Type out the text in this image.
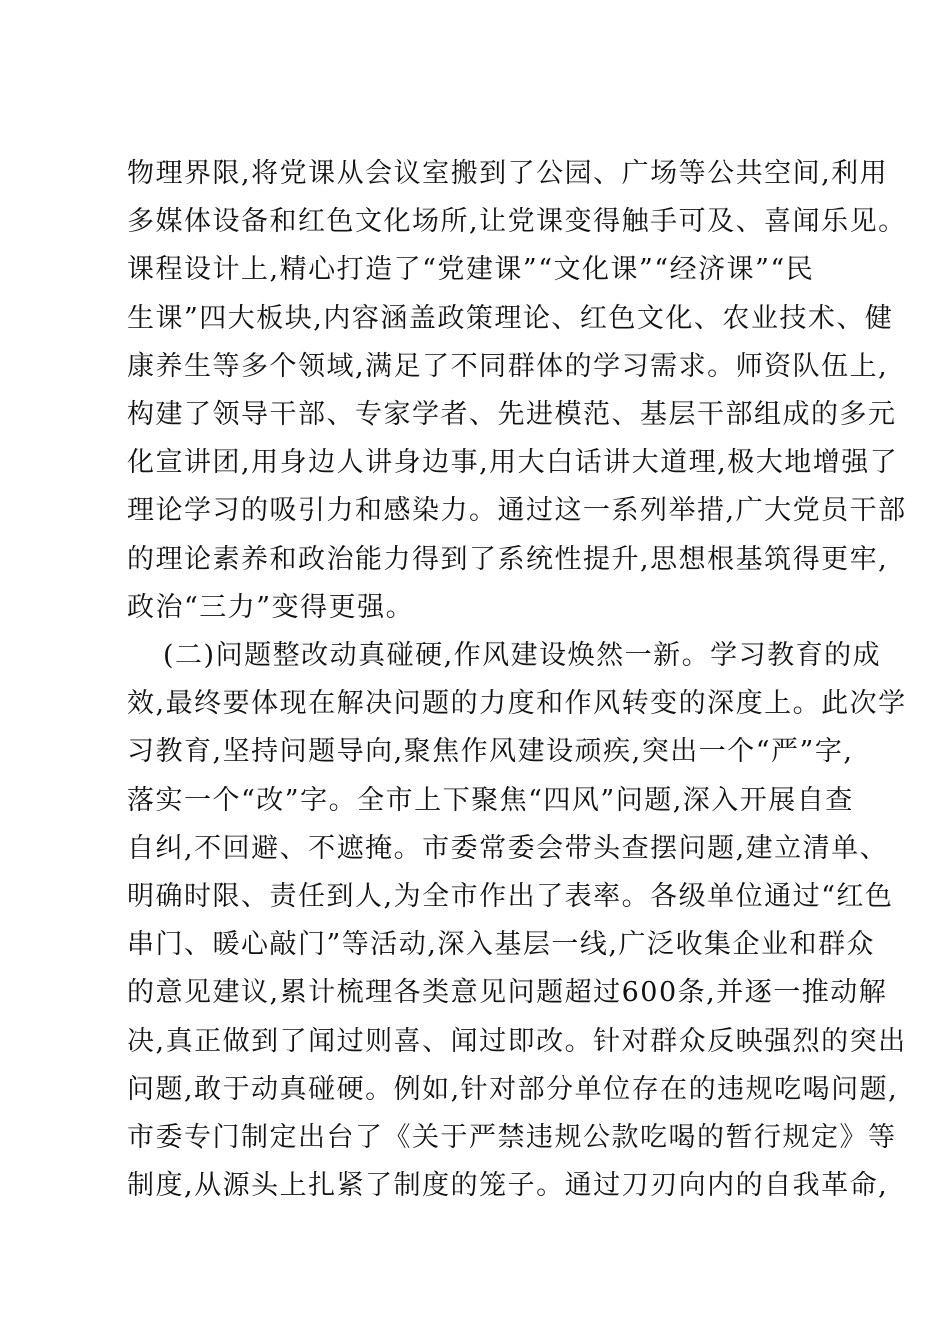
物理界限,将党课从会议室搬到了公园、广场等公共空间,利用
多媒体设备和红色文化场所,让党课变得触手可及、喜闻乐见。
课程设计上,精心打造了“党建课”“文化课”“经济课”“民
生课”四大板块,内容涵盖政策理论、红色文化、农业技术、健
康养生等多个领域,满足了不同群体的学习需求。师资队伍上,
构建了领导干部、专家学者、先进模范、基层干部组成的多元
化宣讲团,用身边人讲身边事,用大白话讲大道理,极大地增强了
理论学习的吸引力和感染力。通过这一系列举措,广大党员干部
的理论素养和政治能力得到了系统性提升,思想根基筑得更牢,
政治“三力”变得更强。

(二)问题整改动真碰硬,作风建设焕然一新。学习教育的成
效,最终要体现在解决问题的力度和作风转变的深度上。此次学
习教育,坚持问题导向,聚焦作风建设顽疾,突出一个“严”字,
落实一个“改”字。全市上下聚焦“四风”问题,深入开展自查
自纠,不回避、不遮掩。市委常委会带头查摆问题,建立清单、
明确时限、责任到人,为全市作出了表率。各级单位通过“红色
串门、暖心敲门”等活动,深入基层一线,广泛收集企业和群众
的意见建议,累计梳理各类意见问题超过600条,并逐一推动解
决,真正做到了闻过则喜、闻过即改。针对群众反映强烈的突出
问题,敢于动真碰硬。例如,针对部分单位存在的违规吃喝问题,
市委专门制定出台了《关于严禁违规公款吃喝的暂行规定》等
制度,从源头上扎紧了制度的笼子。通过刀刃向内的自我革命,
